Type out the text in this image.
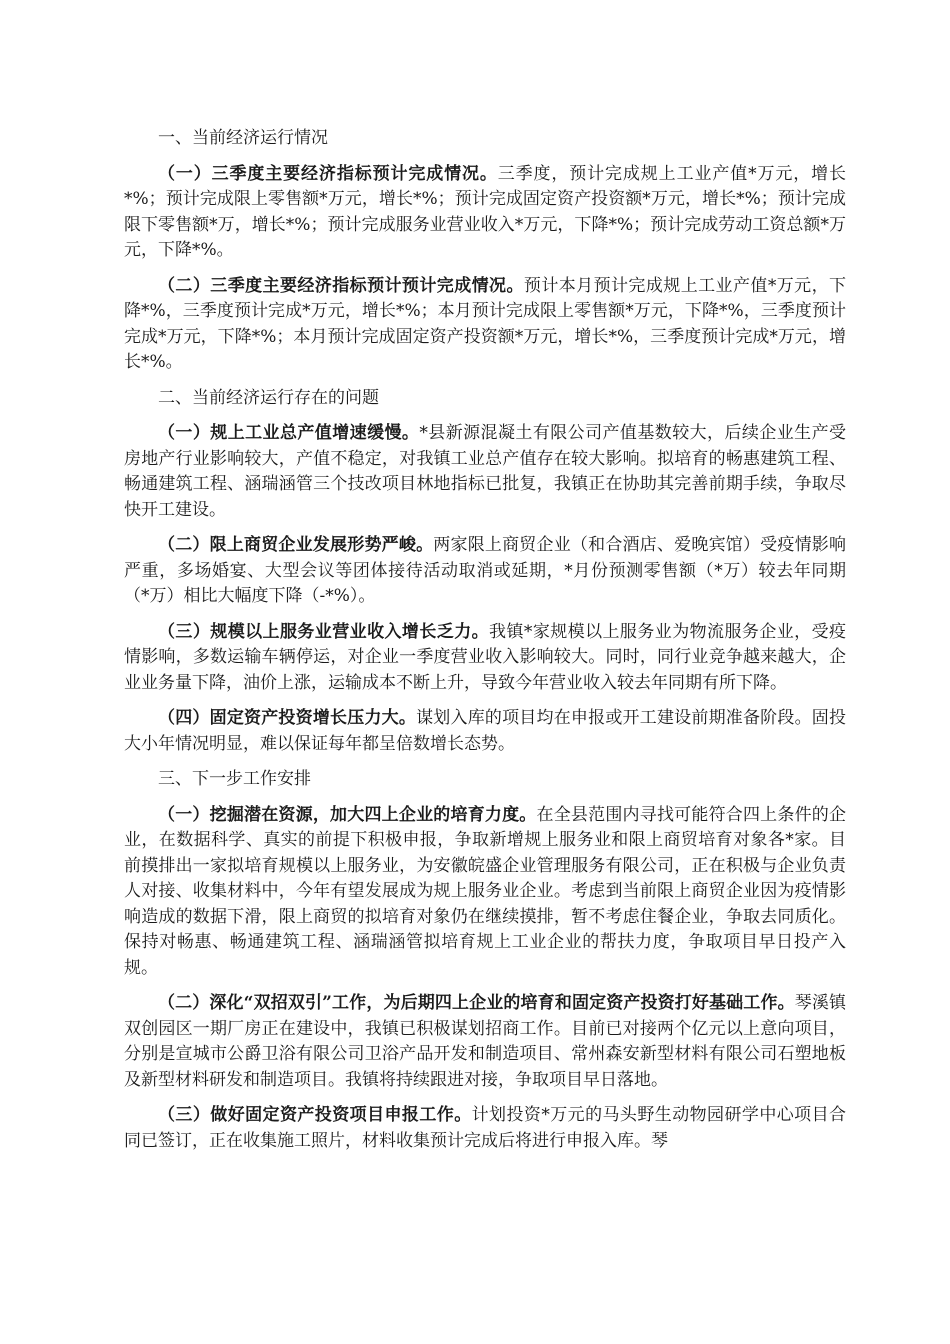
一、当前经济运行情况
（一）三季度主要经济指标预计完成情况。三季度，预计完成规上工业产值*万元，增长*%；预计完成限上零售额*万元，增长*%；预计完成固定资产投资额*万元，增长*%；预计完成限下零售额*万，增长*%；预计完成服务业营业收入*万元，下降*%；预计完成劳动工资总额*万元，下降*%。
（二）三季度主要经济指标预计预计完成情况。预计本月预计完成规上工业产值*万元，下降*%，三季度预计完成*万元，增长*%；本月预计完成限上零售额*万元，下降*%，三季度预计完成*万元，下降*%；本月预计完成固定资产投资额*万元，增长*%，三季度预计完成*万元，增长*%。
二、当前经济运行存在的问题
（一）规上工业总产值增速缓慢。*县新源混凝土有限公司产值基数较大，后续企业生产受房地产行业影响较大，产值不稳定，对我镇工业总产值存在较大影响。拟培育的畅惠建筑工程、畅通建筑工程、涵瑞涵管三个技改项目林地指标已批复，我镇正在协助其完善前期手续，争取尽快开工建设。
（二）限上商贸企业发展形势严峻。两家限上商贸企业（和合酒店、爱晚宾馆）受疫情影响严重，多场婚宴、大型会议等团体接待活动取消或延期，*月份预测零售额（*万）较去年同期（*万）相比大幅度下降（-*%）。
（三）规模以上服务业营业收入增长乏力。我镇*家规模以上服务业为物流服务企业，受疫情影响，多数运输车辆停运，对企业一季度营业收入影响较大。同时，同行业竞争越来越大，企业业务量下降，油价上涨，运输成本不断上升，导致今年营业收入较去年同期有所下降。
（四）固定资产投资增长压力大。谋划入库的项目均在申报或开工建设前期准备阶段。固投大小年情况明显，难以保证每年都呈倍数增长态势。
三、下一步工作安排
（一）挖掘潜在资源，加大四上企业的培育力度。在全县范围内寻找可能符合四上条件的企业，在数据科学、真实的前提下积极申报，争取新增规上服务业和限上商贸培育对象各*家。目前摸排出一家拟培育规模以上服务业，为安徽皖盛企业管理服务有限公司，正在积极与企业负责人对接、收集材料中，今年有望发展成为规上服务业企业。考虑到当前限上商贸企业因为疫情影响造成的数据下滑，限上商贸的拟培育对象仍在继续摸排，暂不考虑住餐企业，争取去同质化。保持对畅惠、畅通建筑工程、涵瑞涵管拟培育规上工业企业的帮扶力度，争取项目早日投产入规。
（二）深化“双招双引”工作，为后期四上企业的培育和固定资产投资打好基础工作。琴溪镇双创园区一期厂房正在建设中，我镇已积极谋划招商工作。目前已对接两个亿元以上意向项目，分别是宣城市公爵卫浴有限公司卫浴产品开发和制造项目、常州森安新型材料有限公司石塑地板及新型材料研发和制造项目。我镇将持续跟进对接，争取项目早日落地。
（三）做好固定资产投资项目申报工作。计划投资*万元的马头野生动物园研学中心项目合同已签订，正在收集施工照片，材料收集预计完成后将进行申报入库。琴
